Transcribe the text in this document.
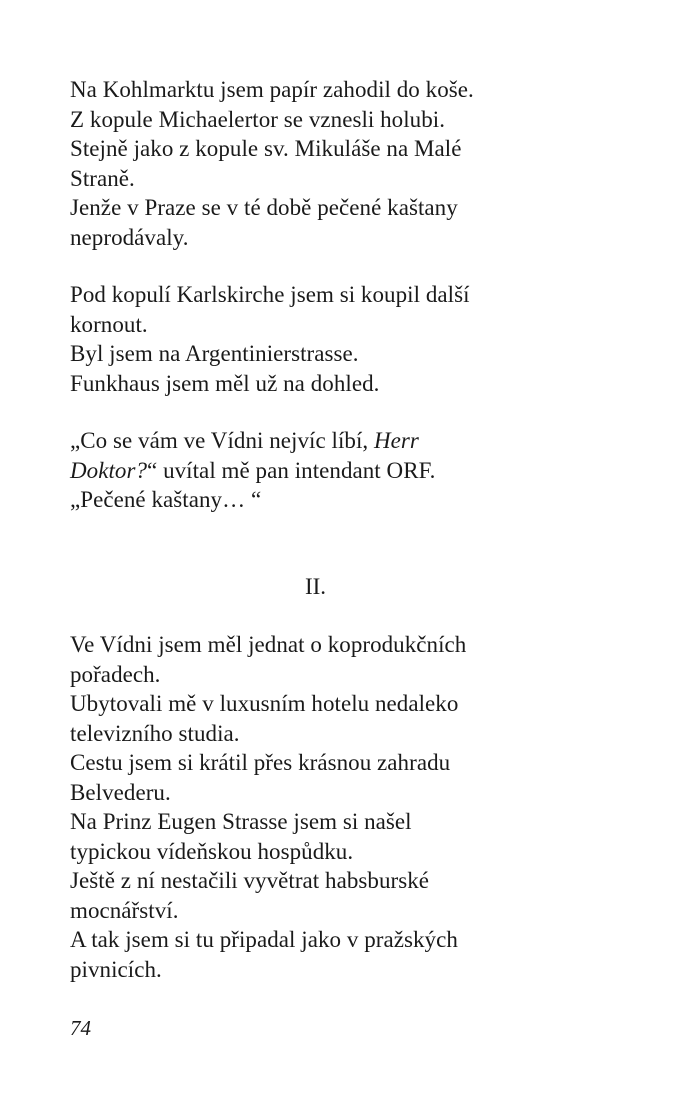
Na Kohlmarktu jsem papír zahodil do koše.
Z kopule Michaelertor se vznesli holubi.
Stejně jako z kopule sv. Mikuláše na Malé
Straně.
Jenže v Praze se v té době pečené kaštany
neprodávaly.
Pod kopulí Karlskirche jsem si koupil další
kornout.
Byl jsem na Argentinierstrasse.
Funkhaus jsem měl už na dohled.
„Co se vám ve Vídni nejvíc líbí, Herr
Doktor?“ uvítal mě pan intendant ORF.
„Pečené kaštany… “
II.
Ve Vídni jsem měl jednat o koprodukčních
pořadech.
Ubytovali mě v luxusním hotelu nedaleko
televizního studia.
Cestu jsem si krátil přes krásnou zahradu
Belvederu.
Na Prinz Eugen Strasse jsem si našel
typickou vídeňskou hospůdku.
Ještě z ní nestačili vyvětrat habsburské
mocnářství.
A tak jsem si tu připadal jako v pražských
pivnicích.
74
